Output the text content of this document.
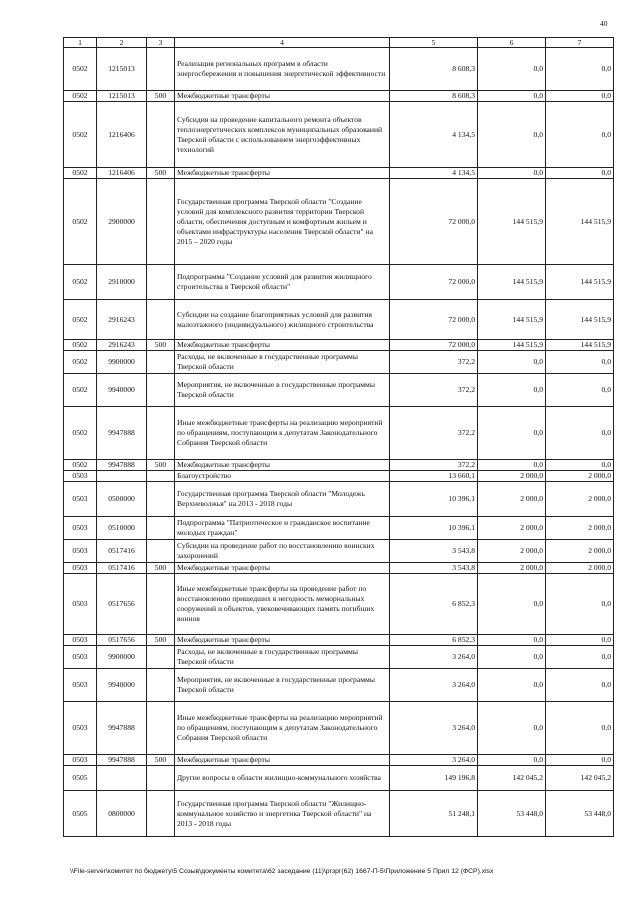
40
1	2	3	4	5	6	7
0502	1215013		Реализация региональных программ в области энергосбережения и повышения энергетической эффективности	8 608,3	0,0	0,0
0502	1215013	500	Межбюджетные трансферты	8 608,3	0,0	0,0
0502	1216406		Субсидия на проведение капитального ремонта объектов теплоэнергетических комплексов муниципальных образований Тверской области с использованием энергоэффективных технологий	4 134,5	0,0	0,0
0502	1216406	500	Межбюджетные трансферты	4 134,5	0,0	0,0
0502	2900000		Государственная программа Тверской области "Создание условий для комплексного развития территории Тверской области, обеспечения доступным и комфортным жильем и объектами инфраструктуры населения Тверской области" на 2015 – 2020 годы	72 000,0	144 515,9	144 515,9
0502	2910000		Подпрограмма "Создание условий для развития жилищного строительства в Тверской области"	72 000,0	144 515,9	144 515,9
0502	2916243		Субсидии на создание благоприятных условий для развития малоэтажного (индивидуального) жилищного строительства	72 000,0	144 515,9	144 515,9
0502	2916243	500	Межбюджетные трансферты	72 000,0	144 515,9	144 515,9
0502	9900000		Расходы, не включенные в государственные программы Тверской области	372,2	0,0	0,0
0502	9940000		Мероприятия, не включенные в государственные программы Тверской области	372,2	0,0	0,0
0502	9947888		Иные межбюджетные трансферты на реализацию мероприятий по обращениям, поступающим к депутатам Законодательного Собрания Тверской области	372,2	0,0	0,0
0502	9947888	500	Межбюджетные трансферты	372,2	0,0	0,0
0503			Благоустройство	13 660,1	2 000,0	2 000,0
0503	0500000		Государственная программа Тверской области "Молодежь Верхневолжья" на 2013 - 2018 годы	10 396,1	2 000,0	2 000,0
0503	0510000		Подпрограмма "Патриотическое и гражданское воспитание молодых граждан"	10 396,1	2 000,0	2 000,0
0503	0517416		Субсидии на проведение работ по восстановлению воинских захоронений	3 543,8	2 000,0	2 000,0
0503	0517416	500	Межбюджетные трансферты	3 543,8	2 000,0	2 000,0
0503	0517656		Иные межбюджетные трансферты на проведение работ по восстановлению пришедших в негодность мемориальных сооружений и объектов, увековечивающих память погибших воинов	6 852,3	0,0	0,0
0503	0517656	500	Межбюджетные трансферты	6 852,3	0,0	0,0
0503	9900000		Расходы, не включенные в государственные программы Тверской области	3 264,0	0,0	0,0
0503	9940000		Мероприятия, не включенные в государственные программы Тверской области	3 264,0	0,0	0,0
0503	9947888		Иные межбюджетные трансферты на реализацию мероприятий по обращениям, поступающим к депутатам Законодательного Собрания Тверской области	3 264,0	0,0	0,0
0503	9947888	500	Межбюджетные трансферты	3 264,0	0,0	0,0
0505			Другие вопросы в области жилищно-коммунального хозяйства	149 196,8	142 045,2	142 045,2
0505	0800000		Государственная программа Тверской области "Жилищно-коммунальное хозяйство и энергетика Тверской области" на 2013 - 2018 годы	51 248,1	53 448,0	53 448,0
\\File-server\комитет по бюджету\5 Созыв\документы комитета\62 заседание (11)\ргзрг(62) 1667-П-5\Приложение 5 Прил 12 (ФСР).xlsx
